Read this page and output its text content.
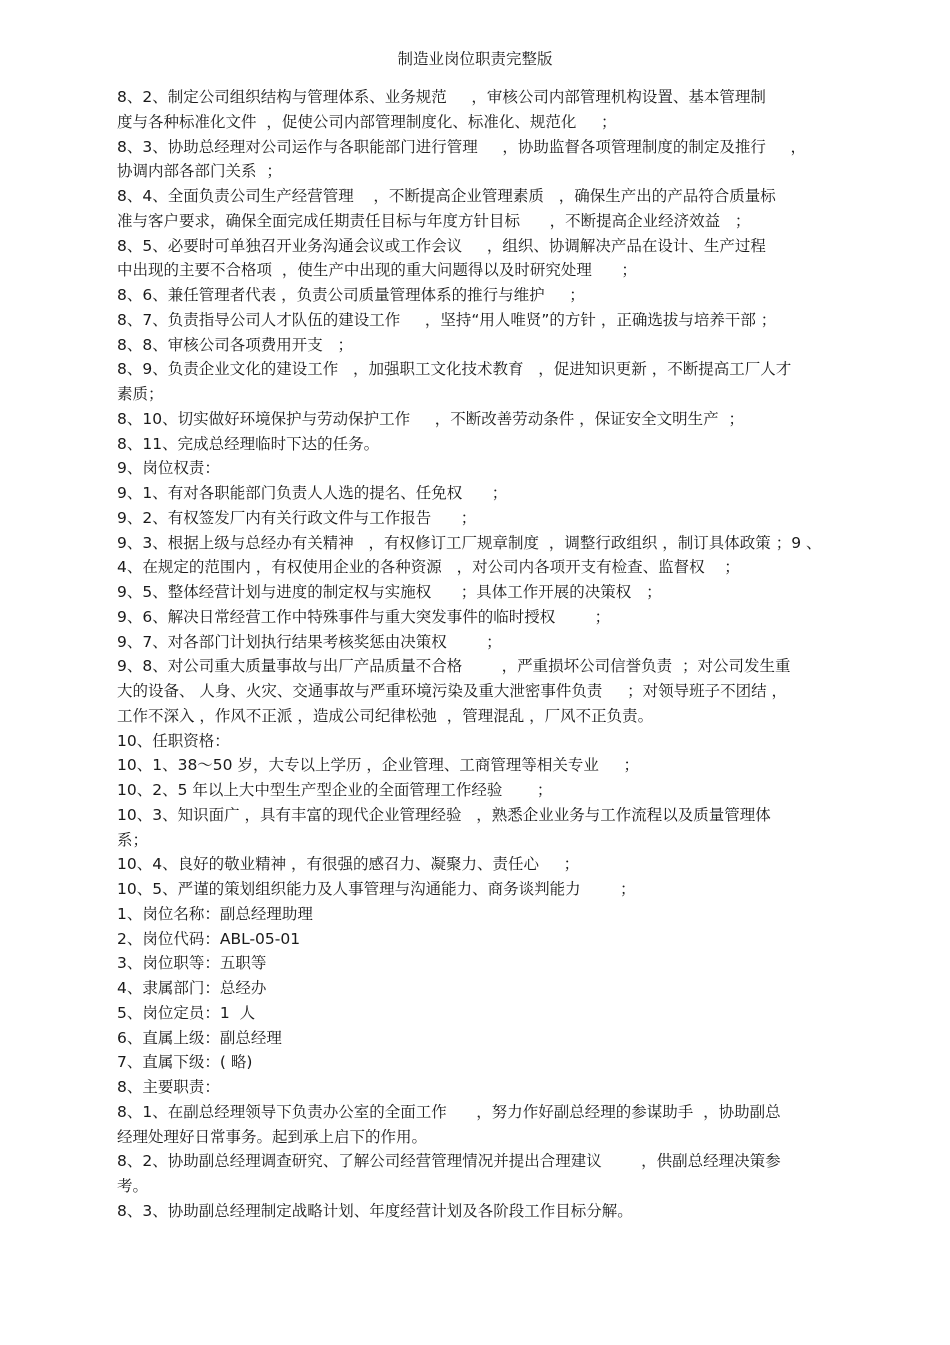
制造业岗位职责完整版
8、2、制定公司组织结构与管理体系、业务规范     ，审核公司内部管理机构设置、基本管理制
度与各种标准化文件  ，促使公司内部管理制度化、标准化、规范化     ；
8、3、协助总经理对公司运作与各职能部门进行管理     ，协助监督各项管理制度的制定及推行     ，
协调内部各部门关系  ；
8、4、全面负责公司生产经营管理    ，不断提高企业管理素质   ，确保生产出的产品符合质量标
准与客户要求，确保全面完成任期责任目标与年度方针目标      ，不断提高企业经济效益   ；
8、5、必要时可单独召开业务沟通会议或工作会议     ，组织、协调解决产品在设计、生产过程
中出现的主要不合格项  ，使生产中出现的重大问题得以及时研究处理      ；
8、6、兼任管理者代表 ，负责公司质量管理体系的推行与维护     ；
8、7、负责指导公司人才队伍的建设工作     ，坚持“用人唯贤”的方针 ，正确选拔与培养干部 ；
8、8、审核公司各项费用开支   ；
8、9、负责企业文化的建设工作   ，加强职工文化技术教育   ，促进知识更新 ，不断提高工厂人才
素质；
8、10、切实做好环境保护与劳动保护工作     ，不断改善劳动条件 ，保证安全文明生产  ；
8、11、完成总经理临时下达的任务。
9、岗位权责：
9、1、有对各职能部门负责人人选的提名、任免权      ；
9、2、有权签发厂内有关行政文件与工作报告      ；
9、3、根据上级与总经办有关精神   ，有权修订工厂规章制度  ，调整行政组织 ，制订具体政策 ；9 、
4、在规定的范围内 ，有权使用企业的各种资源   ，对公司内各项开支有检查、监督权    ；
9、5、整体经营计划与进度的制定权与实施权      ；具体工作开展的决策权   ；
9、6、解决日常经营工作中特殊事件与重大突发事件的临时授权        ；
9、7、对各部门计划执行结果考核奖惩由决策权        ；
9、8、对公司重大质量事故与出厂产品质量不合格        ，严重损坏公司信誉负责  ；对公司发生重
大的设备、 人身、火灾、交通事故与严重环境污染及重大泄密事件负责     ；对领导班子不团结 ，
工作不深入 ，作风不正派 ，造成公司纪律松弛  ，管理混乱 ，厂风不正负责。
10、任职资格：
10、1、38～50 岁，大专以上学历 ，企业管理、工商管理等相关专业     ；
10、2、5 年以上大中型生产型企业的全面管理工作经验       ；
10、3、知识面广 ，具有丰富的现代企业管理经验   ，熟悉企业业务与工作流程以及质量管理体
系；
10、4、良好的敬业精神 ，有很强的感召力、凝聚力、责任心     ；
10、5、严谨的策划组织能力及人事管理与沟通能力、商务谈判能力        ；
1、岗位名称：副总经理助理
2、岗位代码：ABL-05-01
3、岗位职等：五职等
4、隶属部门：总经办
5、岗位定员：1  人
6、直属上级：副总经理
7、直属下级：( 略)
8、主要职责：
8、1、在副总经理领导下负责办公室的全面工作      ，努力作好副总经理的参谋助手  ，协助副总
经理处理好日常事务。起到承上启下的作用。
8、2、协助副总经理调查研究、了解公司经营管理情况并提出合理建议        ，供副总经理决策参
考。
8、3、协助副总经理制定战略计划、年度经营计划及各阶段工作目标分解。
